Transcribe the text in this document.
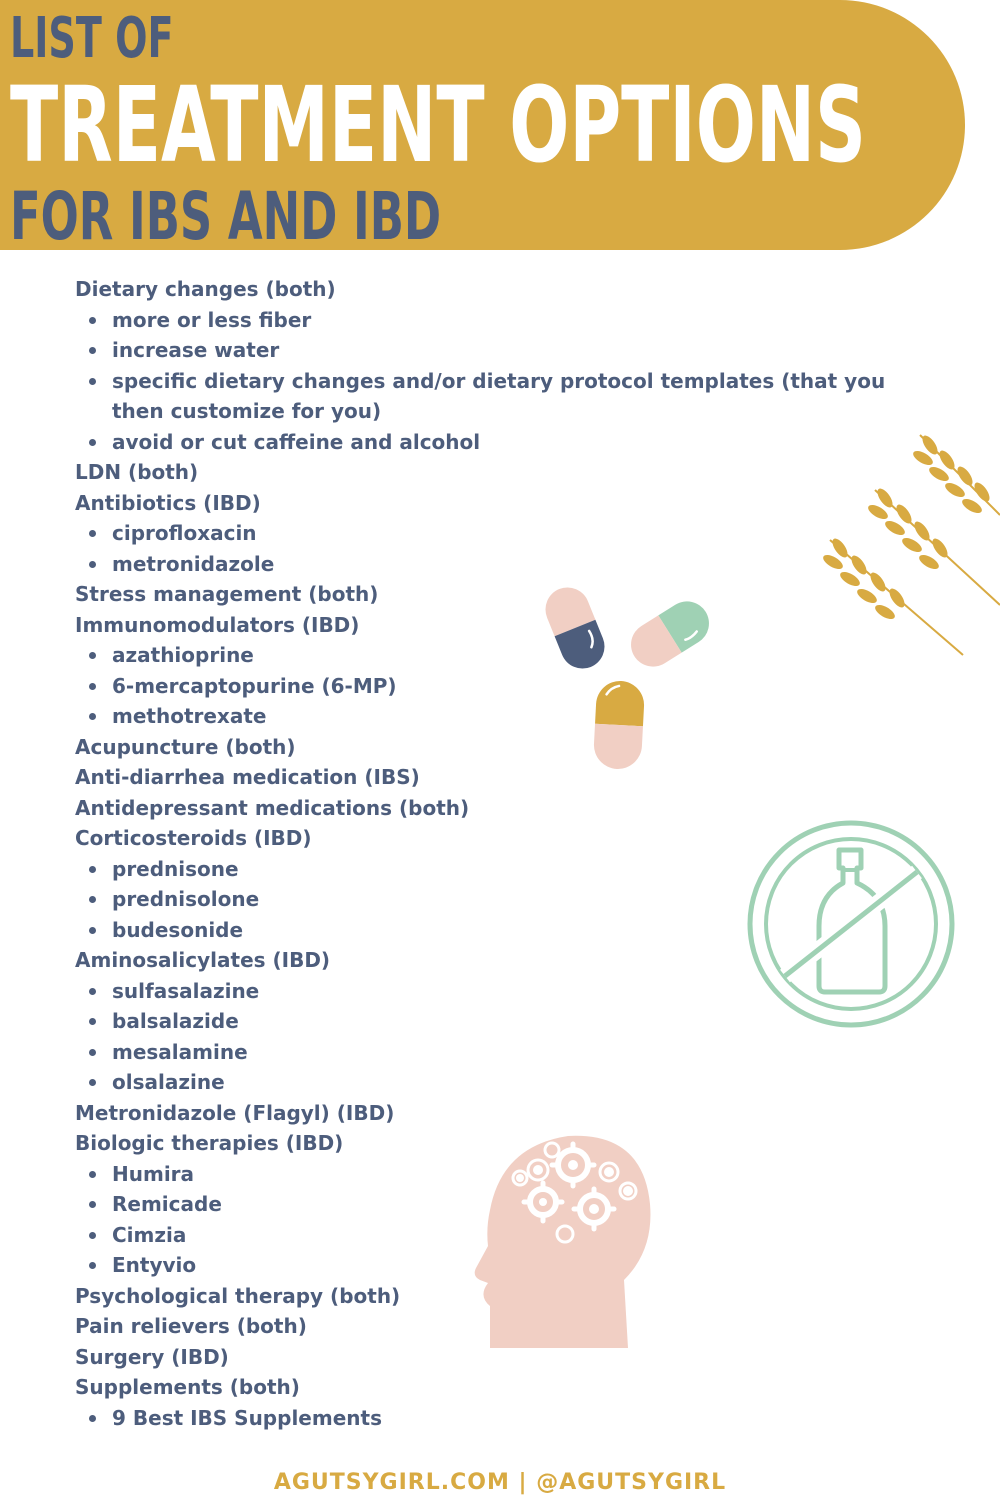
LIST OF
TREATMENT OPTIONS
FOR IBS AND IBD
Dietary changes (both)
more or less fiber
increase water
specific dietary changes and/or dietary protocol templates (that you then customize for you)
avoid or cut caffeine and alcohol
LDN (both)
Antibiotics (IBD)
ciprofloxacin
metronidazole
Stress management (both)
Immunomodulators (IBD)
azathioprine
6-mercaptopurine (6-MP)
methotrexate
Acupuncture (both)
Anti-diarrhea medication (IBS)
Antidepressant medications (both)
Corticosteroids (IBD)
prednisone
prednisolone
budesonide
Aminosalicylates (IBD)
sulfasalazine
balsalazide
mesalamine
olsalazine
Metronidazole (Flagyl) (IBD)
Biologic therapies (IBD)
Humira
Remicade
Cimzia
Entyvio
Psychological therapy (both)
Pain relievers (both)
Surgery (IBD)
Supplements (both)
9 Best IBS Supplements
AGUTSYGIRL.COM | @AGUTSYGIRL
